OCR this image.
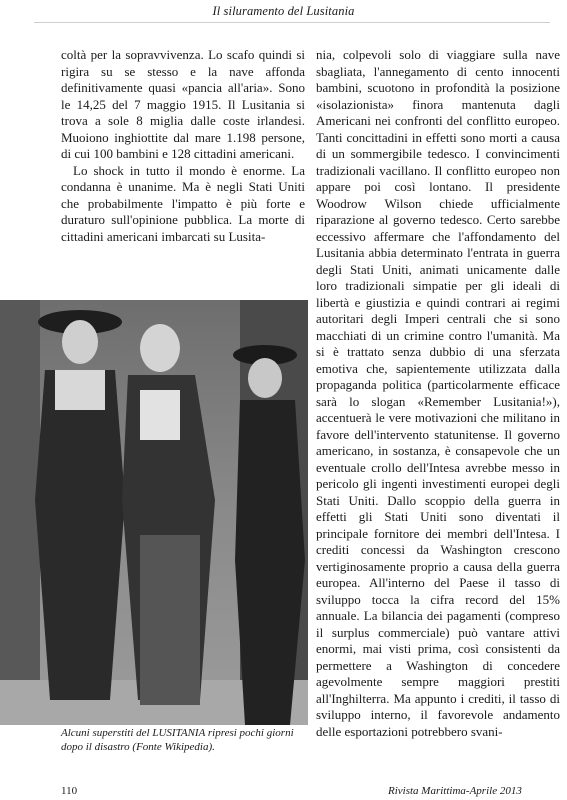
Il siluramento del Lusitania

coltà per la sopravvivenza. Lo scafo quindi si rigira su se stesso e la nave affonda definitivamente quasi «pancia all'aria». Sono le 14,25 del 7 maggio 1915. Il Lusitania si trova a sole 8 miglia dalle coste irlandesi. Muoiono inghiottite dal mare 1.198 persone, di cui 100 bambini e 128 cittadini americani.

Lo shock in tutto il mondo è enorme. La condanna è unanime. Ma è negli Stati Uniti che probabilmente l'impatto è più forte e duraturo sull'opinione pubblica. La morte di cittadini americani imbarcati su Lusita-

Alcuni superstiti del LUSITANIA ripresi pochi giorni dopo il disastro (Fonte Wikipedia).

nia, colpevoli solo di viaggiare sulla nave sbagliata, l'annegamento di cento innocenti bambini, scuotono in profondità la posizione «isolazionista» finora mantenuta dagli Americani nei confronti del conflitto europeo. Tanti concittadini in effetti sono morti a causa di un sommergibile tedesco. I convincimenti tradizionali vacillano. Il conflitto europeo non appare poi così lontano. Il presidente Woodrow Wilson chiede ufficialmente riparazione al governo tedesco. Certo sarebbe eccessivo affermare che l'affondamento del Lusitania abbia determinato l'entrata in guerra degli Stati Uniti, animati unicamente dalle loro tradizionali simpatie per gli ideali di libertà e giustizia e quindi contrari ai regimi autoritari degli Imperi centrali che si sono macchiati di un crimine contro l'umanità. Ma si è trattato senza dubbio di una sferzata emotiva che, sapientemente utilizzata dalla propaganda politica (particolarmente efficace sarà lo slogan «Remember Lusitania!»), accentuerà le vere motivazioni che militano in favore dell'intervento statunitense. Il governo americano, in sostanza, è consapevole che un eventuale crollo dell'Intesa avrebbe messo in pericolo gli ingenti investimenti europei degli Stati Uniti. Dallo scoppio della guerra in effetti gli Stati Uniti sono diventati il principale fornitore dei membri dell'Intesa. I crediti concessi da Washington crescono vertiginosamente proprio a causa della guerra europea. All'interno del Paese il tasso di sviluppo tocca la cifra record del 15% annuale. La bilancia dei pagamenti (compreso il surplus commerciale) può vantare attivi enormi, mai visti prima, così consistenti da permettere a Washington di concedere agevolmente sempre maggiori prestiti all'Inghilterra. Ma appunto i crediti, il tasso di sviluppo interno, il favorevole andamento delle esportazioni potrebbero svani-

110	Rivista Marittima-Aprile 2013
